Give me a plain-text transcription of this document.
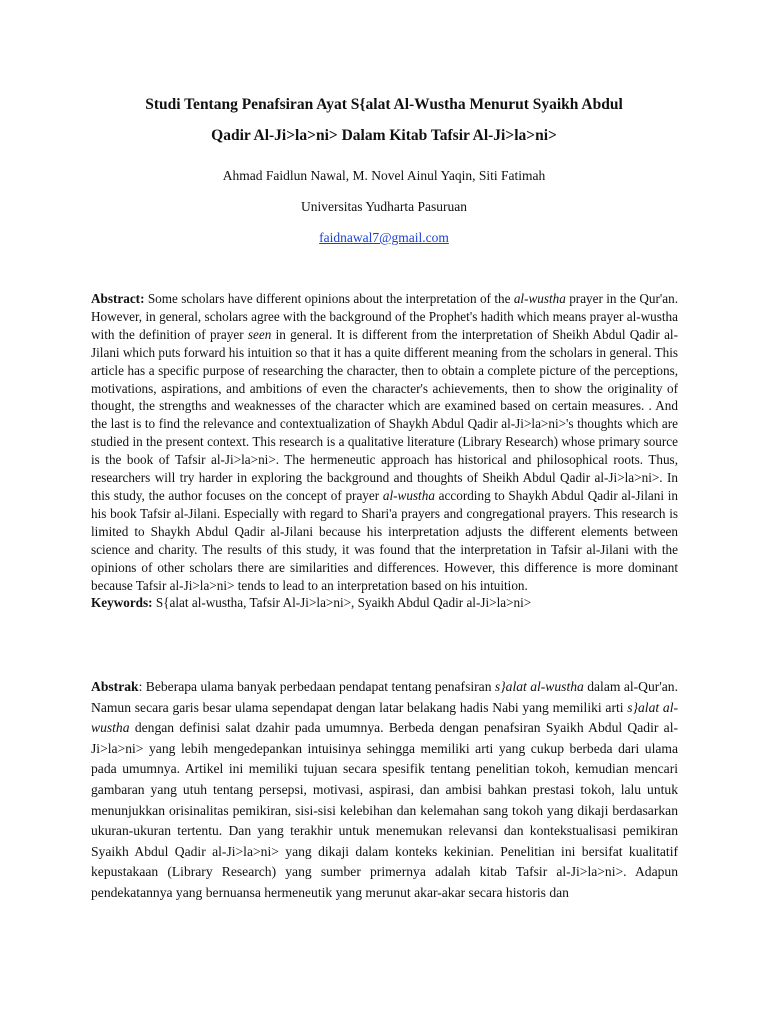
Studi Tentang Penafsiran Ayat S{alat Al-Wustha Menurut Syaikh Abdul
Qadir Al-Ji>la>ni> Dalam Kitab Tafsir Al-Ji>la>ni>
Ahmad Faidlun Nawal, M. Novel Ainul Yaqin, Siti Fatimah
Universitas Yudharta Pasuruan
faidnawal7@gmail.com

Abstract: Some scholars have different opinions about the interpretation of the al-wustha prayer in the Qur'an. However, in general, scholars agree with the background of the Prophet's hadith which means prayer al-wustha with the definition of prayer seen in general. It is different from the interpretation of Sheikh Abdul Qadir al-Jilani which puts forward his intuition so that it has a quite different meaning from the scholars in general. This article has a specific purpose of researching the character, then to obtain a complete picture of the perceptions, motivations, aspirations, and ambitions of even the character's achievements, then to show the originality of thought, the strengths and weaknesses of the character which are examined based on certain measures. . And the last is to find the relevance and contextualization of Shaykh Abdul Qadir al-Ji>la>ni>'s thoughts which are studied in the present context. This research is a qualitative literature (Library Research) whose primary source is the book of Tafsir al-Ji>la>ni>. The hermeneutic approach has historical and philosophical roots. Thus, researchers will try harder in exploring the background and thoughts of Sheikh Abdul Qadir al-Ji>la>ni>. In this study, the author focuses on the concept of prayer al-wustha according to Shaykh Abdul Qadir al-Jilani in his book Tafsir al-Jilani. Especially with regard to Shari'a prayers and congregational prayers. This research is limited to Shaykh Abdul Qadir al-Jilani because his interpretation adjusts the different elements between science and charity. The results of this study, it was found that the interpretation in Tafsir al-Jilani with the opinions of other scholars there are similarities and differences. However, this difference is more dominant because Tafsir al-Ji>la>ni> tends to lead to an interpretation based on his intuition.

Keywords: S{alat al-wustha, Tafsir Al-Ji>la>ni>, Syaikh Abdul Qadir al-Ji>la>ni>

Abstrak: Beberapa ulama banyak perbedaan pendapat tentang penafsiran s}alat al-wustha dalam al-Qur'an. Namun secara garis besar ulama sependapat dengan latar belakang hadis Nabi yang memiliki arti s}alat al-wustha dengan definisi salat dzahir pada umumnya. Berbeda dengan penafsiran Syaikh Abdul Qadir al-Ji>la>ni> yang lebih mengedepankan intuisinya sehingga memiliki arti yang cukup berbeda dari ulama pada umumnya. Artikel ini memiliki tujuan secara spesifik tentang penelitian tokoh, kemudian mencari gambaran yang utuh tentang persepsi, motivasi, aspirasi, dan ambisi bahkan prestasi tokoh, lalu untuk menunjukkan orisinalitas pemikiran, sisi-sisi kelebihan dan kelemahan sang tokoh yang dikaji berdasarkan ukuran-ukuran tertentu. Dan yang terakhir untuk menemukan relevansi dan kontekstualisasi pemikiran Syaikh Abdul Qadir al-Ji>la>ni> yang dikaji dalam konteks kekinian. Penelitian ini bersifat kualitatif kepustakaan (Library Research) yang sumber primernya adalah kitab Tafsir al-Ji>la>ni>. Adapun pendekatannya yang bernuansa hermeneutik yang merunut akar-akar secara historis dan
